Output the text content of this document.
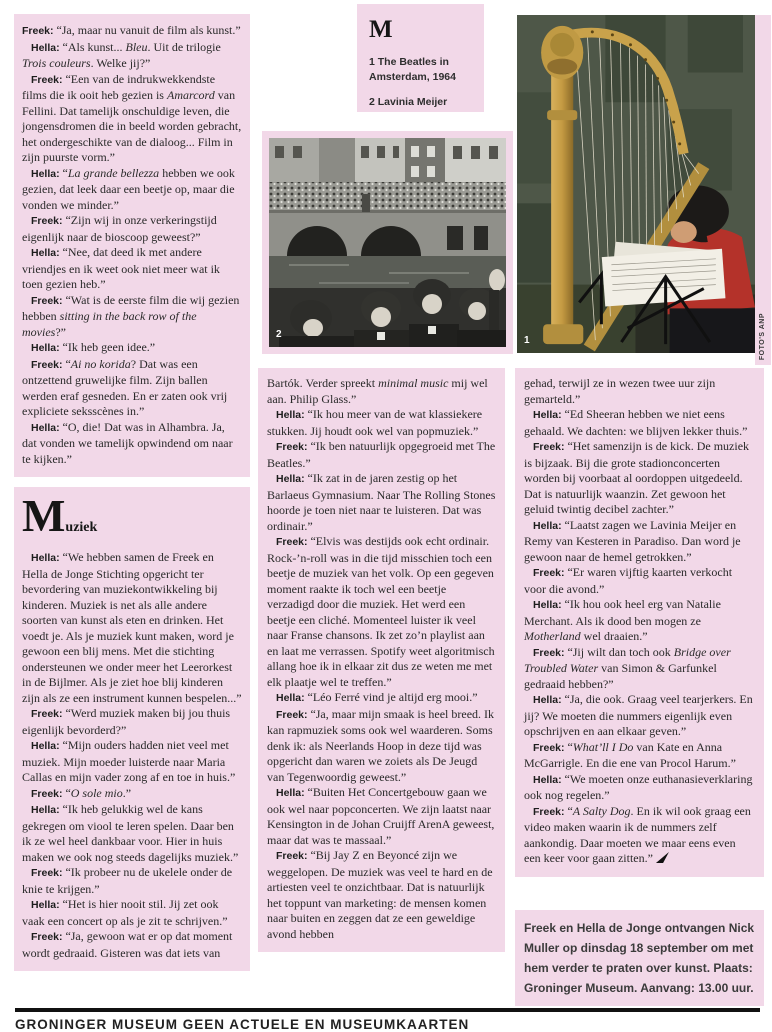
Freek: “Ja, maar nu vanuit de film als kunst.”

Hella: “Als kunst... Bleu. Uit de trilogie Trois couleurs. Welke jij?”

Freek: “Een van de indrukwekkendste films die ik ooit heb gezien is Amarcord van Fellini. Dat tamelijk onschuldige leven, die jongensdromen die in beeld worden gebracht, het ondergeschikte van de dialoog... Film in zijn puurste vorm.”

Hella: “La grande bellezza hebben we ook gezien, dat leek daar een beetje op, maar die vonden we minder.”

Freek: “Zijn wij in onze verkeringstijd eigenlijk naar de bioscoop geweest?”

Hella: “Nee, dat deed ik met andere vriendjes en ik weet ook niet meer wat ik toen gezien heb.”

Freek: “Wat is de eerste film die wij gezien hebben sitting in the back row of the movies?”

Hella: “Ik heb geen idee.”

Freek: “Ai no korida? Dat was een ontzettend gruwelijke film. Zijn ballen werden eraf gesneden. En er zaten ook vrij expliciete seksscènes in.”

Hella: “O, die! Dat was in Alhambra. Ja, dat vonden we tamelijk opwindend om naar te kijken.”

Muziek

Hella: “We hebben samen de Freek en Hella de Jonge Stichting opgericht ter bevordering van muziekontwikkeling bij kinderen. Muziek is net als alle andere soorten van kunst als eten en drinken. Het voedt je. Als je muziek kunt maken, word je gewoon een blij mens. Met die stichting ondersteunen we onder meer het Leerorkest in de Bijlmer. Als je ziet hoe blij kinderen zijn als ze een instrument kunnen bespelen...”

Freek: “Werd muziek maken bij jou thuis eigenlijk bevorderd?”

Hella: “Mijn ouders hadden niet veel met muziek. Mijn moeder luisterde naar Maria Callas en mijn vader zong af en toe in huis.”

Freek: “O sole mio.”

Hella: “Ik heb gelukkig wel de kans gekregen om viool te leren spelen. Daar ben ik ze wel heel dankbaar voor. Hier in huis maken we ook nog steeds dagelijks muziek.”

Freek: “Ik probeer nu de ukelele onder de knie te krijgen.”

Hella: “Het is hier nooit stil. Jij zet ook vaak een concert op als je zit te schrijven.”

Freek: “Ja, gewoon wat er op dat moment wordt gedraaid. Gisteren was dat iets van

M
1 The Beatles in Amsterdam, 1964
2 Lavinia Meijer
2
1	FOTO'S ANP

Bartók. Verder spreekt minimal music mij wel aan. Philip Glass.”

Hella: “Ik hou meer van de wat klassiekere stukken. Jij houdt ook wel van popmuziek.”

Freek: “Ik ben natuurlijk opgegroeid met The Beatles.”

Hella: “Ik zat in de jaren zestig op het Barlaeus Gymnasium. Naar The Rolling Stones hoorde je toen niet naar te luisteren. Dat was ordinair.”

Freek: “Elvis was destijds ook echt ordinair. Rock-’n-roll was in die tijd misschien toch een beetje de muziek van het volk. Op een gegeven moment raakte ik toch wel een beetje verzadigd door die muziek. Het werd een beetje een cliché. Momenteel luister ik veel naar Franse chansons. Ik zet zo’n playlist aan en laat me verrassen. Spotify weet algoritmisch allang hoe ik in elkaar zit dus ze weten me met elk plaatje wel te treffen.”

Hella: “Léo Ferré vind je altijd erg mooi.”

Freek: “Ja, maar mijn smaak is heel breed. Ik kan rapmuziek soms ook wel waarderen. Soms denk ik: als Neerlands Hoop in deze tijd was opgericht dan waren we zoiets als De Jeugd van Tegenwoordig geweest.”

Hella: “Buiten Het Concertgebouw gaan we ook wel naar popconcerten. We zijn laatst naar Kensington in de Johan Cruijff ArenA geweest, maar dat was te massaal.”

Freek: “Bij Jay Z en Beyoncé zijn we weggelopen. De muziek was veel te hard en de artiesten veel te onzichtbaar. Dat is natuurlijk het toppunt van marketing: de mensen komen naar buiten en zeggen dat ze een geweldige avond hebben

gehad, terwijl ze in wezen twee uur zijn gemarteld.”

Hella: “Ed Sheeran hebben we niet eens gehaald. We dachten: we blijven lekker thuis.”

Freek: “Het samenzijn is de kick. De muziek is bijzaak. Bij die grote stadionconcerten worden bij voorbaat al oordoppen uitgedeeld. Dat is natuurlijk waanzin. Zet gewoon het geluid twintig decibel zachter.”

Hella: “Laatst zagen we Lavinia Meijer en Remy van Kesteren in Paradiso. Dan word je gewoon naar de hemel getrokken.”

Freek: “Er waren vijftig kaarten verkocht voor die avond.”

Hella: “Ik hou ook heel erg van Natalie Merchant. Als ik dood ben mogen ze Motherland wel draaien.”

Freek: “Jij wilt dan toch ook Bridge over Troubled Water van Simon & Garfunkel gedraaid hebben?”

Hella: “Ja, die ook. Graag veel tearjerkers. En jij? We moeten die nummers eigenlijk even opschrijven en aan elkaar geven.”

Freek: “What’ll I Do van Kate en Anna McGarrigle. En die ene van Procol Harum.”

Hella: “We moeten onze euthanasieverklaring ook nog regelen.”

Freek: “A Salty Dog. En ik wil ook graag een video maken waarin ik de nummers zelf aankondig. Daar moeten we maar eens even een keer voor gaan zitten.”

Freek en Hella de Jonge ontvangen Nick Muller op dinsdag 18 september om met hem verder te praten over kunst. Plaats: Groninger Museum. Aanvang: 13.00 uur.

GRONINGER MUSEUM GEEN ACTUELE EN MUSEUMKAARTEN
